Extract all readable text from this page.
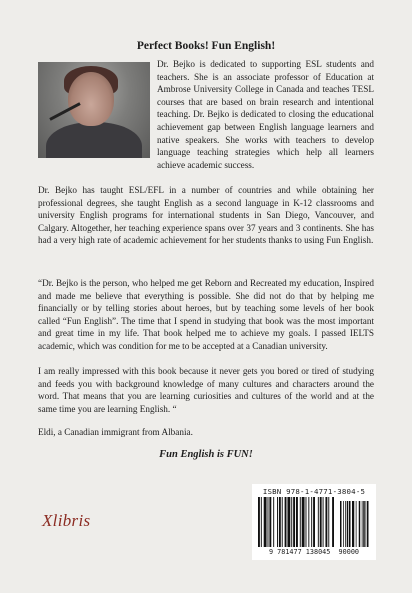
Perfect Books! Fun English!

Dr. Bejko is dedicated to supporting ESL students and teachers. She is an associate professor of Education at Ambrose University College in Canada and teaches TESL courses that are based on brain research and intentional teaching. Dr. Bejko is dedicated to closing the educational achievement gap between English language learners and native speakers. She works with teachers to develop language teaching strategies which help all learners achieve academic success.

Dr. Bejko has taught ESL/EFL in a number of countries and while obtaining her professional degrees, she taught English as a second language in K-12 classrooms and university English programs for international students in San Diego, Vancouver, and Calgary. Altogether, her teaching experience spans over 37 years and 3 continents. She has had a very high rate of academic achievement for her students thanks to using Fun English.

“Dr. Bejko is the person, who helped me get Reborn and Recreated my education, Inspired and made me believe that everything is possible. She did not do that by helping me financially or by telling stories about heroes, but by teaching some levels of her book called “Fun English”. The time that I spend in studying that book was the most important and great time in my life. That book helped me to achieve my goals. I passed IELTS academic, which was condition for me to be accepted at a Canadian university.

I am really impressed with this book because it never gets you bored or tired of studying and feeds you with background knowledge of many cultures and characters around the word. That means that you are learning curiosities and cultures of the world and at the same time you are learning English. “

Eldi, a Canadian immigrant from Albania.

Fun English is FUN!

Xlibris

ISBN 978-1-4771-3804-5
9 781477 138045 90000
